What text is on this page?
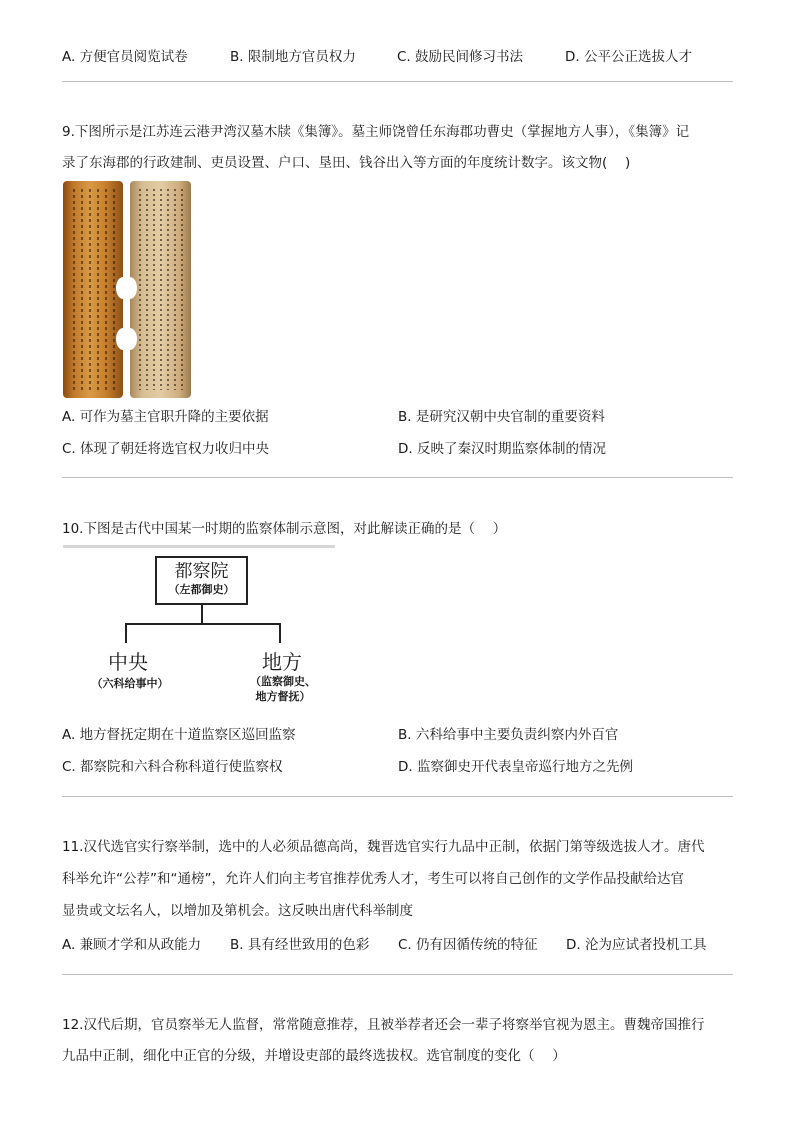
A. 方便官员阅览试卷	B. 限制地方官员权力	C. 鼓励民间修习书法	D. 公平公正选拔人才
9.下图所示是江苏连云港尹湾汉墓木牍《集簿》。墓主师饶曾任东海郡功曹史（掌握地方人事），《集簿》记
录了东海郡的行政建制、吏员设置、户口、垦田、钱谷出入等方面的年度统计数字。该文物(　 )
A. 可作为墓主官职升降的主要依据	B. 是研究汉朝中央官制的重要资料
C. 体现了朝廷将选官权力收归中央	D. 反映了秦汉时期监察体制的情况
10.下图是古代中国某一时期的监察体制示意图，对此解读正确的是（　 ）
都察院
（左都御史）
中央
（六科给事中）
地方
（监察御史、
地方督抚）
A. 地方督抚定期在十道监察区巡回监察	B. 六科给事中主要负责纠察内外百官
C. 都察院和六科合称科道行使监察权	D. 监察御史开代表皇帝巡行地方之先例
11.汉代选官实行察举制，选中的人必须品德高尚，魏晋选官实行九品中正制，依据门第等级选拔人才。唐代
科举允许“公荐”和“通榜”，允许人们向主考官推荐优秀人才，考生可以将自己创作的文学作品投献给达官
显贵或文坛名人，以增加及第机会。这反映出唐代科举制度
A. 兼顾才学和从政能力 B. 具有经世致用的色彩 C. 仍有因循传统的特征 D. 沦为应试者投机工具
12.汉代后期，官员察举无人监督，常常随意推荐，且被举荐者还会一辈子将察举官视为恩主。曹魏帝国推行
九品中正制，细化中正官的分级，并增设吏部的最终选拔权。选官制度的变化（　 ）
